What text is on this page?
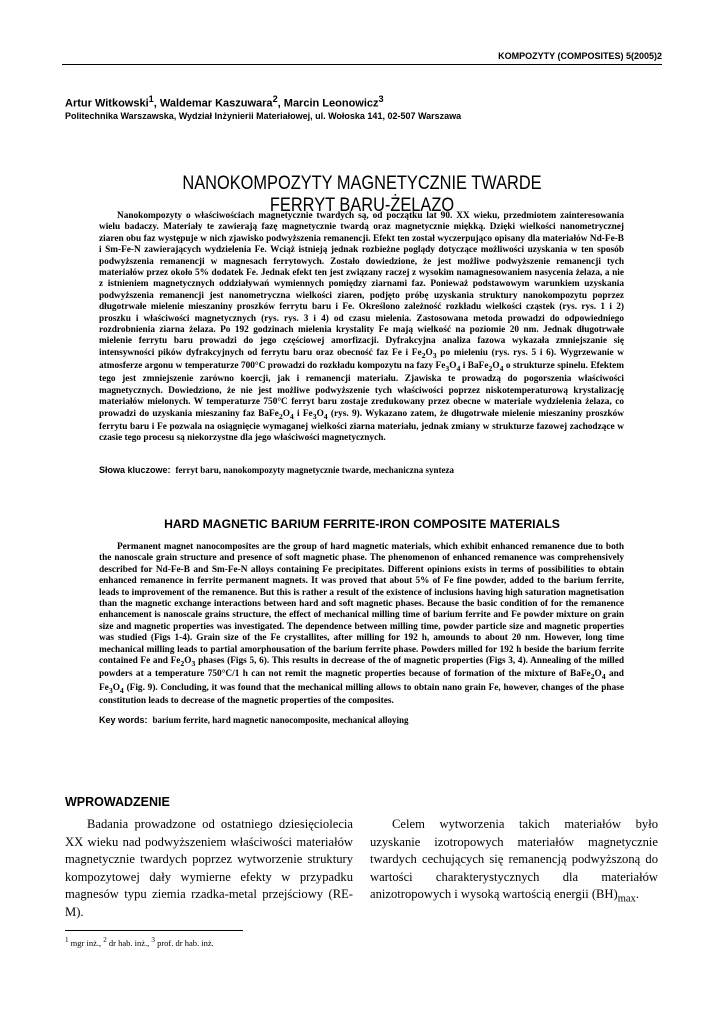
KOMPOZYTY (COMPOSITES) 5(2005)2
Artur Witkowski$^1$, Waldemar Kaszuwara$^2$, Marcin Leonowicz$^3$
Politechnika Warszawska, Wydział Inżynierii Materiałowej, ul. Wołoska 141, 02-507 Warszawa
NANOKOMPOZYTY MAGNETYCZNIE TWARDE
FERRYT BARU-ŻELAZO

Nanokompozyty o właściwościach magnetycznie twardych są, od początku lat 90. XX wieku, przedmiotem zainteresowania wielu badaczy. Materiały te zawierają fazę magnetycznie twardą oraz magnetycznie miękką. Dzięki wielkości nanometrycznej ziaren obu faz występuje w nich zjawisko podwyższenia remanencji. Efekt ten został wyczerpująco opisany dla materiałów Nd-Fe-B i Sm-Fe-N zawierających wydzielenia Fe. Wciąż istnieją jednak rozbieżne poglądy dotyczące możliwości uzyskania w ten sposób podwyższenia remanencji w magnesach ferrytowych. Zostało dowiedzione, że jest możliwe podwyższenie remanencji tych materiałów przez około 5% dodatek Fe. Jednak efekt ten jest związany raczej z wysokim namagnesowaniem nasycenia żelaza, a nie z istnieniem magnetycznych oddziaływań wymiennych pomiędzy ziarnami faz. Ponieważ podstawowym warunkiem uzyskania podwyższenia remanencji jest nanometryczna wielkości ziaren, podjęto próbę uzyskania struktury nanokompozytu poprzez długotrwałe mielenie mieszaniny proszków ferrytu baru i Fe. Określono zależność rozkładu wielkości cząstek (rys. rys. 1 i 2) proszku i właściwości magnetycznych (rys. rys. 3 i 4) od czasu mielenia. Zastosowana metoda prowadzi do odpowiedniego rozdrobnienia ziarna żelaza. Po 192 godzinach mielenia krystality Fe mają wielkość na poziomie 20 nm. Jednak długotrwałe mielenie ferrytu baru prowadzi do jego częściowej amorfizacji. Dyfrakcyjna analiza fazowa wykazała zmniejszanie się intensywności pików dyfrakcyjnych od ferrytu baru oraz obecność faz Fe i $Fe_2O_3$ po mieleniu (rys. rys. 5 i 6). Wygrzewanie w atmosferze argonu w temperaturze 700°C prowadzi do rozkładu kompozytu na fazy $Fe_3O_4$ i $BaFe_2O_4$ o strukturze spinelu. Efektem tego jest zmniejszenie zarówno koercji, jak i remanencji materiału. Zjawiska te prowadzą do pogorszenia właściwości magnetycznych. Dowiedziono, że nie jest możliwe podwyższenie tych właściwości poprzez niskotemperaturową krystalizację materiałów mielonych. W temperaturze 750°C ferryt baru zostaje zredukowany przez obecne w materiale wydzielenia żelaza, co prowadzi do uzyskania mieszaniny faz $BaFe_2O_4$ i $Fe_3O_4$ (rys. 9). Wykazano zatem, że długotrwałe mielenie mieszaniny proszków ferrytu baru i Fe pozwala na osiągnięcie wymaganej wielkości ziarna materiału, jednak zmiany w strukturze fazowej zachodzące w czasie tego procesu są niekorzystne dla jego właściwości magnetycznych.

Słowa kluczowe: ferryt baru, nanokompozyty magnetycznie twarde, mechaniczna synteza
HARD MAGNETIC BARIUM FERRITE-IRON COMPOSITE MATERIALS

Permanent magnet nanocomposites are the group of hard magnetic materials, which exhibit enhanced remanence due to both the nanoscale grain structure and presence of soft magnetic phase. The phenomenon of enhanced remanence was comprehensively described for Nd-Fe-B and Sm-Fe-N alloys containing Fe precipitates. Different opinions exists in terms of possibilities to obtain enhanced remanence in ferrite permanent magnets. It was proved that about 5% of Fe fine powder, added to the barium ferrite, leads to improvement of the remanence. But this is rather a result of the existence of inclusions having high saturation magnetisation than the magnetic exchange interactions between hard and soft magnetic phases. Because the basic condition of for the remanence enhancement is nanoscale grains structure, the effect of mechanical milling time of barium ferrite and Fe powder mixture on grain size and magnetic properties was investigated. The dependence between milling time, powder particle size and magnetic properties was studied (Figs 1-4). Grain size of the Fe crystallites, after milling for 192 h, amounds to about 20 nm. However, long time mechanical milling leads to partial amorphousation of the barium ferrite phase. Powders milled for 192 h beside the barium ferrite contained Fe and $Fe_2O_3$ phases (Figs 5, 6). This results in decrease of the of magnetic properties (Figs 3, 4). Annealing of the milled powders at a temperature 750°C/1 h can not remit the magnetic properties because of formation of the mixture of $BaFe_2O_4$ and $Fe_3O_4$ (Fig. 9). Concluding, it was found that the mechanical milling allows to obtain nano grain Fe, however, changes of the phase constitution leads to decrease of the magnetic properties of the composites.

Key words: barium ferrite, hard magnetic nanocomposite, mechanical alloying
WPROWADZENIE

Badania prowadzone od ostatniego dziesięciolecia XX wieku nad podwyższeniem właściwości materiałów magnetycznie twardych poprzez wytworzenie struktury kompozytowej dały wymierne efekty w przypadku magnesów typu ziemia rzadka-metal przejściowy (RE-M).

Celem wytworzenia takich materiałów było uzyskanie izotropowych materiałów magnetycznie twardych cechujących się remanencją podwyższoną do wartości charakterystycznych dla materiałów anizotropowych i wysoką wartością energii $(BH)_{max}$.

$^1$ mgr inż., $^2$ dr hab. inż., $^3$ prof. dr hab. inż.
